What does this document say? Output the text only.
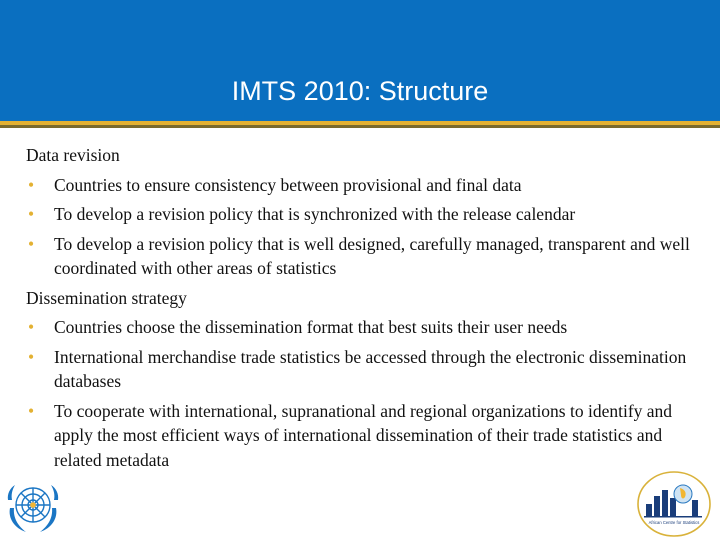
IMTS 2010: Structure
Data revision
• Countries to ensure consistency between provisional and final data
• To develop a revision policy that is synchronized with the release calendar
• To develop a revision policy that is well designed, carefully managed, transparent and well coordinated with other areas of statistics
Dissemination strategy
• Countries choose the dissemination format that best suits their user needs
• International merchandise trade statistics be accessed through the electronic dissemination databases
• To cooperate with international, supranational and regional organizations to identify and apply the most efficient ways of international dissemination of their trade statistics and related metadata
African Centre for Statistics
